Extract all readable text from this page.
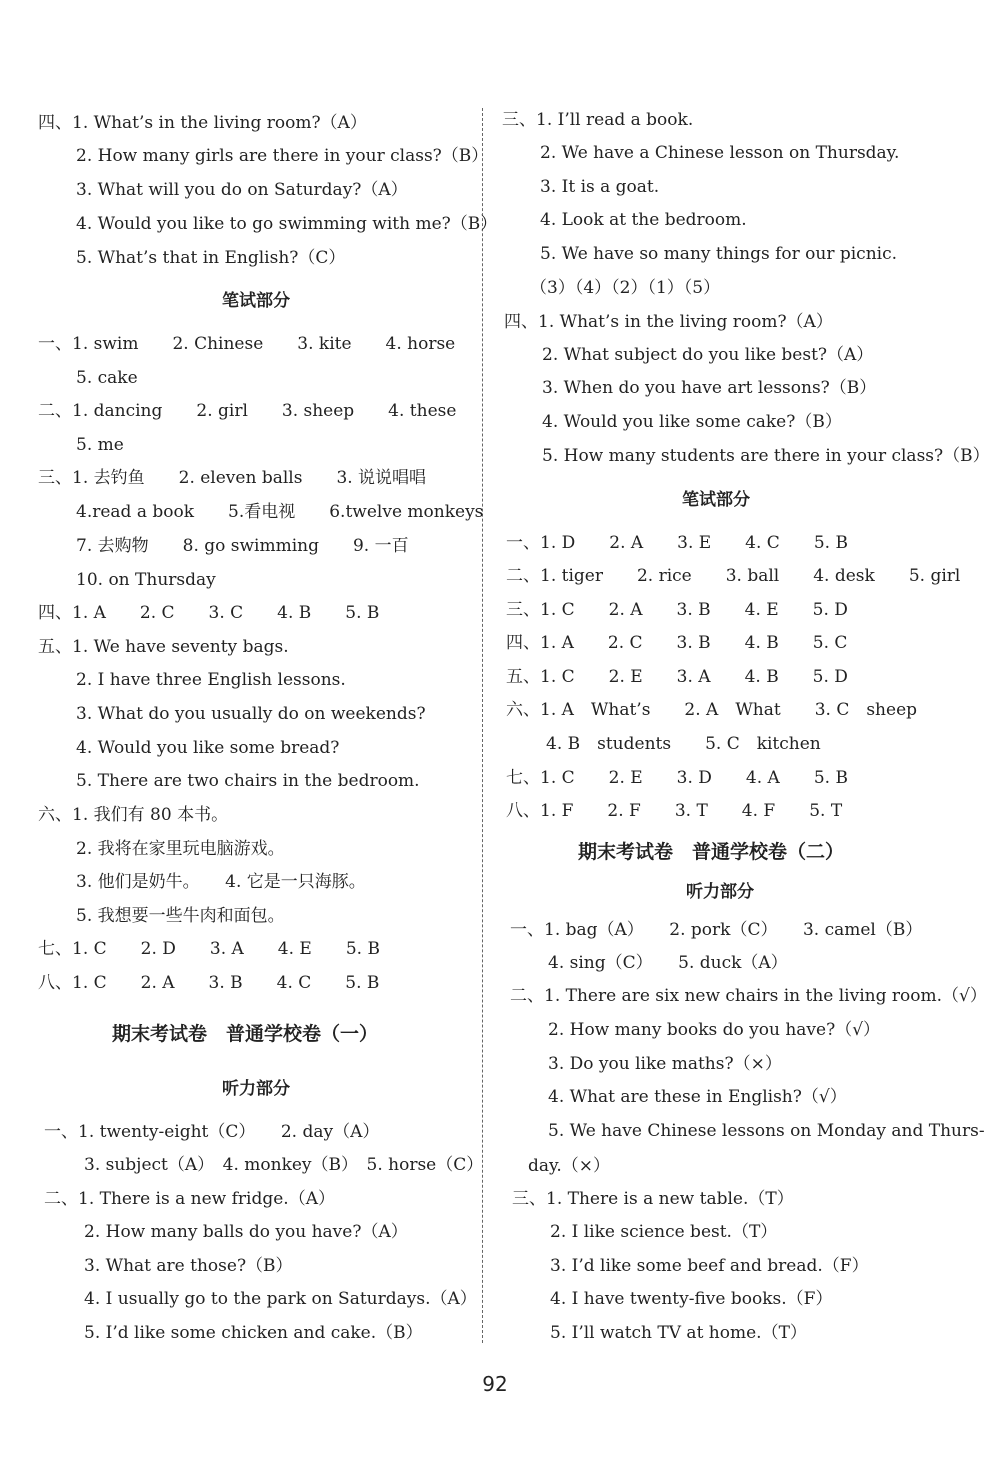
四、1. What’s in the living room?（A）
2. How many girls are there in your class?（B）
3. What will you do on Saturday?（A）
4. Would you like to go swimming with me?（B）
5. What’s that in English?（C）
笔试部分
一、1. swim　　2. Chinese　　3. kite　　4. horse
5. cake
二、1. dancing　　2. girl　　3. sheep　　4. these
5. me
三、1. 去钓鱼　　2. eleven balls　　3. 说说唱唱
4.read a book　　5.看电视　　6.twelve monkeys
7. 去购物　　8. go swimming　　9. 一百
10. on Thursday
四、1. A　　2. C　　3. C　　4. B　　5. B
五、1. We have seventy bags.
2. I have three English lessons.
3. What do you usually do on weekends?
4. Would you like some bread?
5. There are two chairs in the bedroom.
六、1. 我们有 80 本书。
2. 我将在家里玩电脑游戏。
3. 他们是奶牛。　　4. 它是一只海豚。
5. 我想要一些牛肉和面包。
七、1. C　　2. D　　3. A　　4. E　　5. B
八、1. C　　2. A　　3. B　　4. C　　5. B
期末考试卷　普通学校卷（一）
听力部分
一、1. twenty-eight（C）　　2. day（A）
3. subject（A）　4. monkey（B）　5. horse（C）
二、1. There is a new fridge.（A）
2. How many balls do you have?（A）
3. What are those?（B）
4. I usually go to the park on Saturdays.（A）
5. I’d like some chicken and cake.（B）
三、1. I’ll read a book.
2. We have a Chinese lesson on Thursday.
3. It is a goat.
4. Look at the bedroom.
5. We have so many things for our picnic.
（3）（4）（2）（1）（5）
四、1. What’s in the living room?（A）
2. What subject do you like best?（A）
3. When do you have art lessons?（B）
4. Would you like some cake?（B）
5. How many students are there in your class?（B）
笔试部分
一、1. D　　2. A　　3. E　　4. C　　5. B
二、1. tiger　　2. rice　　3. ball　　4. desk　　5. girl
三、1. C　　2. A　　3. B　　4. E　　5. D
四、1. A　　2. C　　3. B　　4. B　　5. C
五、1. C　　2. E　　3. A　　4. B　　5. D
六、1. A　What’s　　2. A　What　　3. C　sheep
4. B　students　　5. C　kitchen
七、1. C　　2. E　　3. D　　4. A　　5. B
八、1. F　　2. F　　3. T　　4. F　　5. T
期末考试卷　普通学校卷（二）
听力部分
一、1. bag（A）　　2. pork（C）　　3. camel（B）
4. sing（C）　　5. duck（A）
二、1. There are six new chairs in the living room.（√）
2. How many books do you have?（√）
3. Do you like maths?（×）
4. What are these in English?（√）
5. We have Chinese lessons on Monday and Thurs-
day.（×）
三、1. There is a new table.（T）
2. I like science best.（T）
3. I’d like some beef and bread.（F）
4. I have twenty-five books.（F）
5. I’ll watch TV at home.（T）
92
